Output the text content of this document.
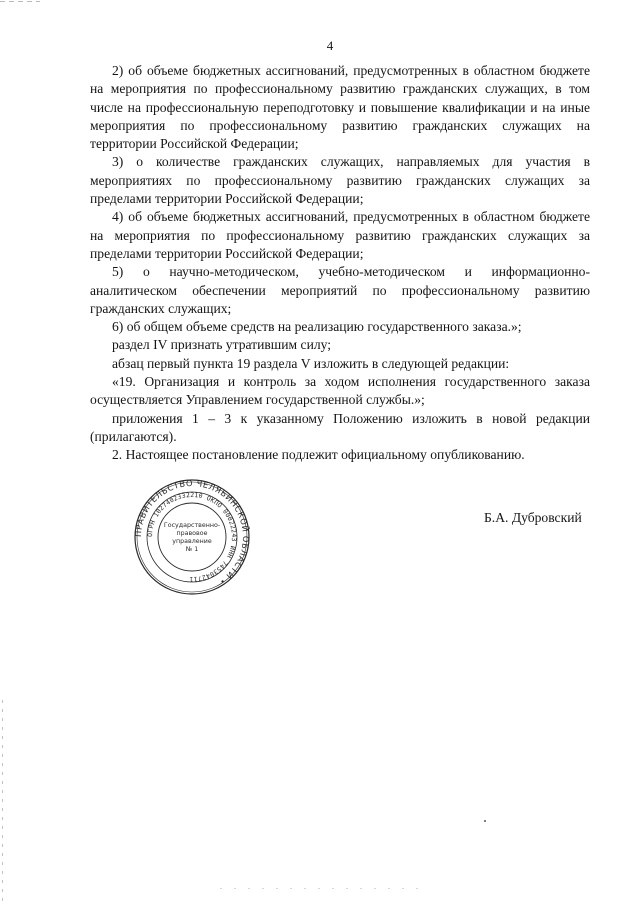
4

2) об объеме бюджетных ассигнований, предусмотренных в областном бюджете на мероприятия по профессиональному развитию гражданских служащих, в том числе на профессиональную переподготовку и повышение квалификации и на иные мероприятия по профессиональному развитию гражданских служащих на территории Российской Федерации;

3) о количестве гражданских служащих, направляемых для участия в мероприятиях по профессиональному развитию гражданских служащих за пределами территории Российской Федерации;

4) об объеме бюджетных ассигнований, предусмотренных в областном бюджете на мероприятия по профессиональному развитию гражданских служащих за пределами территории Российской Федерации;

5) о научно-методическом, учебно-методическом и информационно-аналитическом обеспечении мероприятий по профессиональному развитию гражданских служащих;

6) об общем объеме средств на реализацию государственного заказа.»;

раздел IV признать утратившим силу;

абзац первый пункта 19 раздела V изложить в следующей редакции:

«19. Организация и контроль за ходом исполнения государственного заказа осуществляется Управлением государственной службы.»;

приложения 1 – 3 к указанному Положению изложить в новой редакции (прилагаются).

2. Настоящее постановление подлежит официальному опубликованию.

ПРАВИТЕЛЬСТВО ЧЕЛЯБИНСКОЙ ОБЛАСТИ •
ОГРН 1027402332210 ОКПО 00022243 ИНН 7453042711
Государственно-
правовое
управление
№ 1
Б.А. Дубровский
